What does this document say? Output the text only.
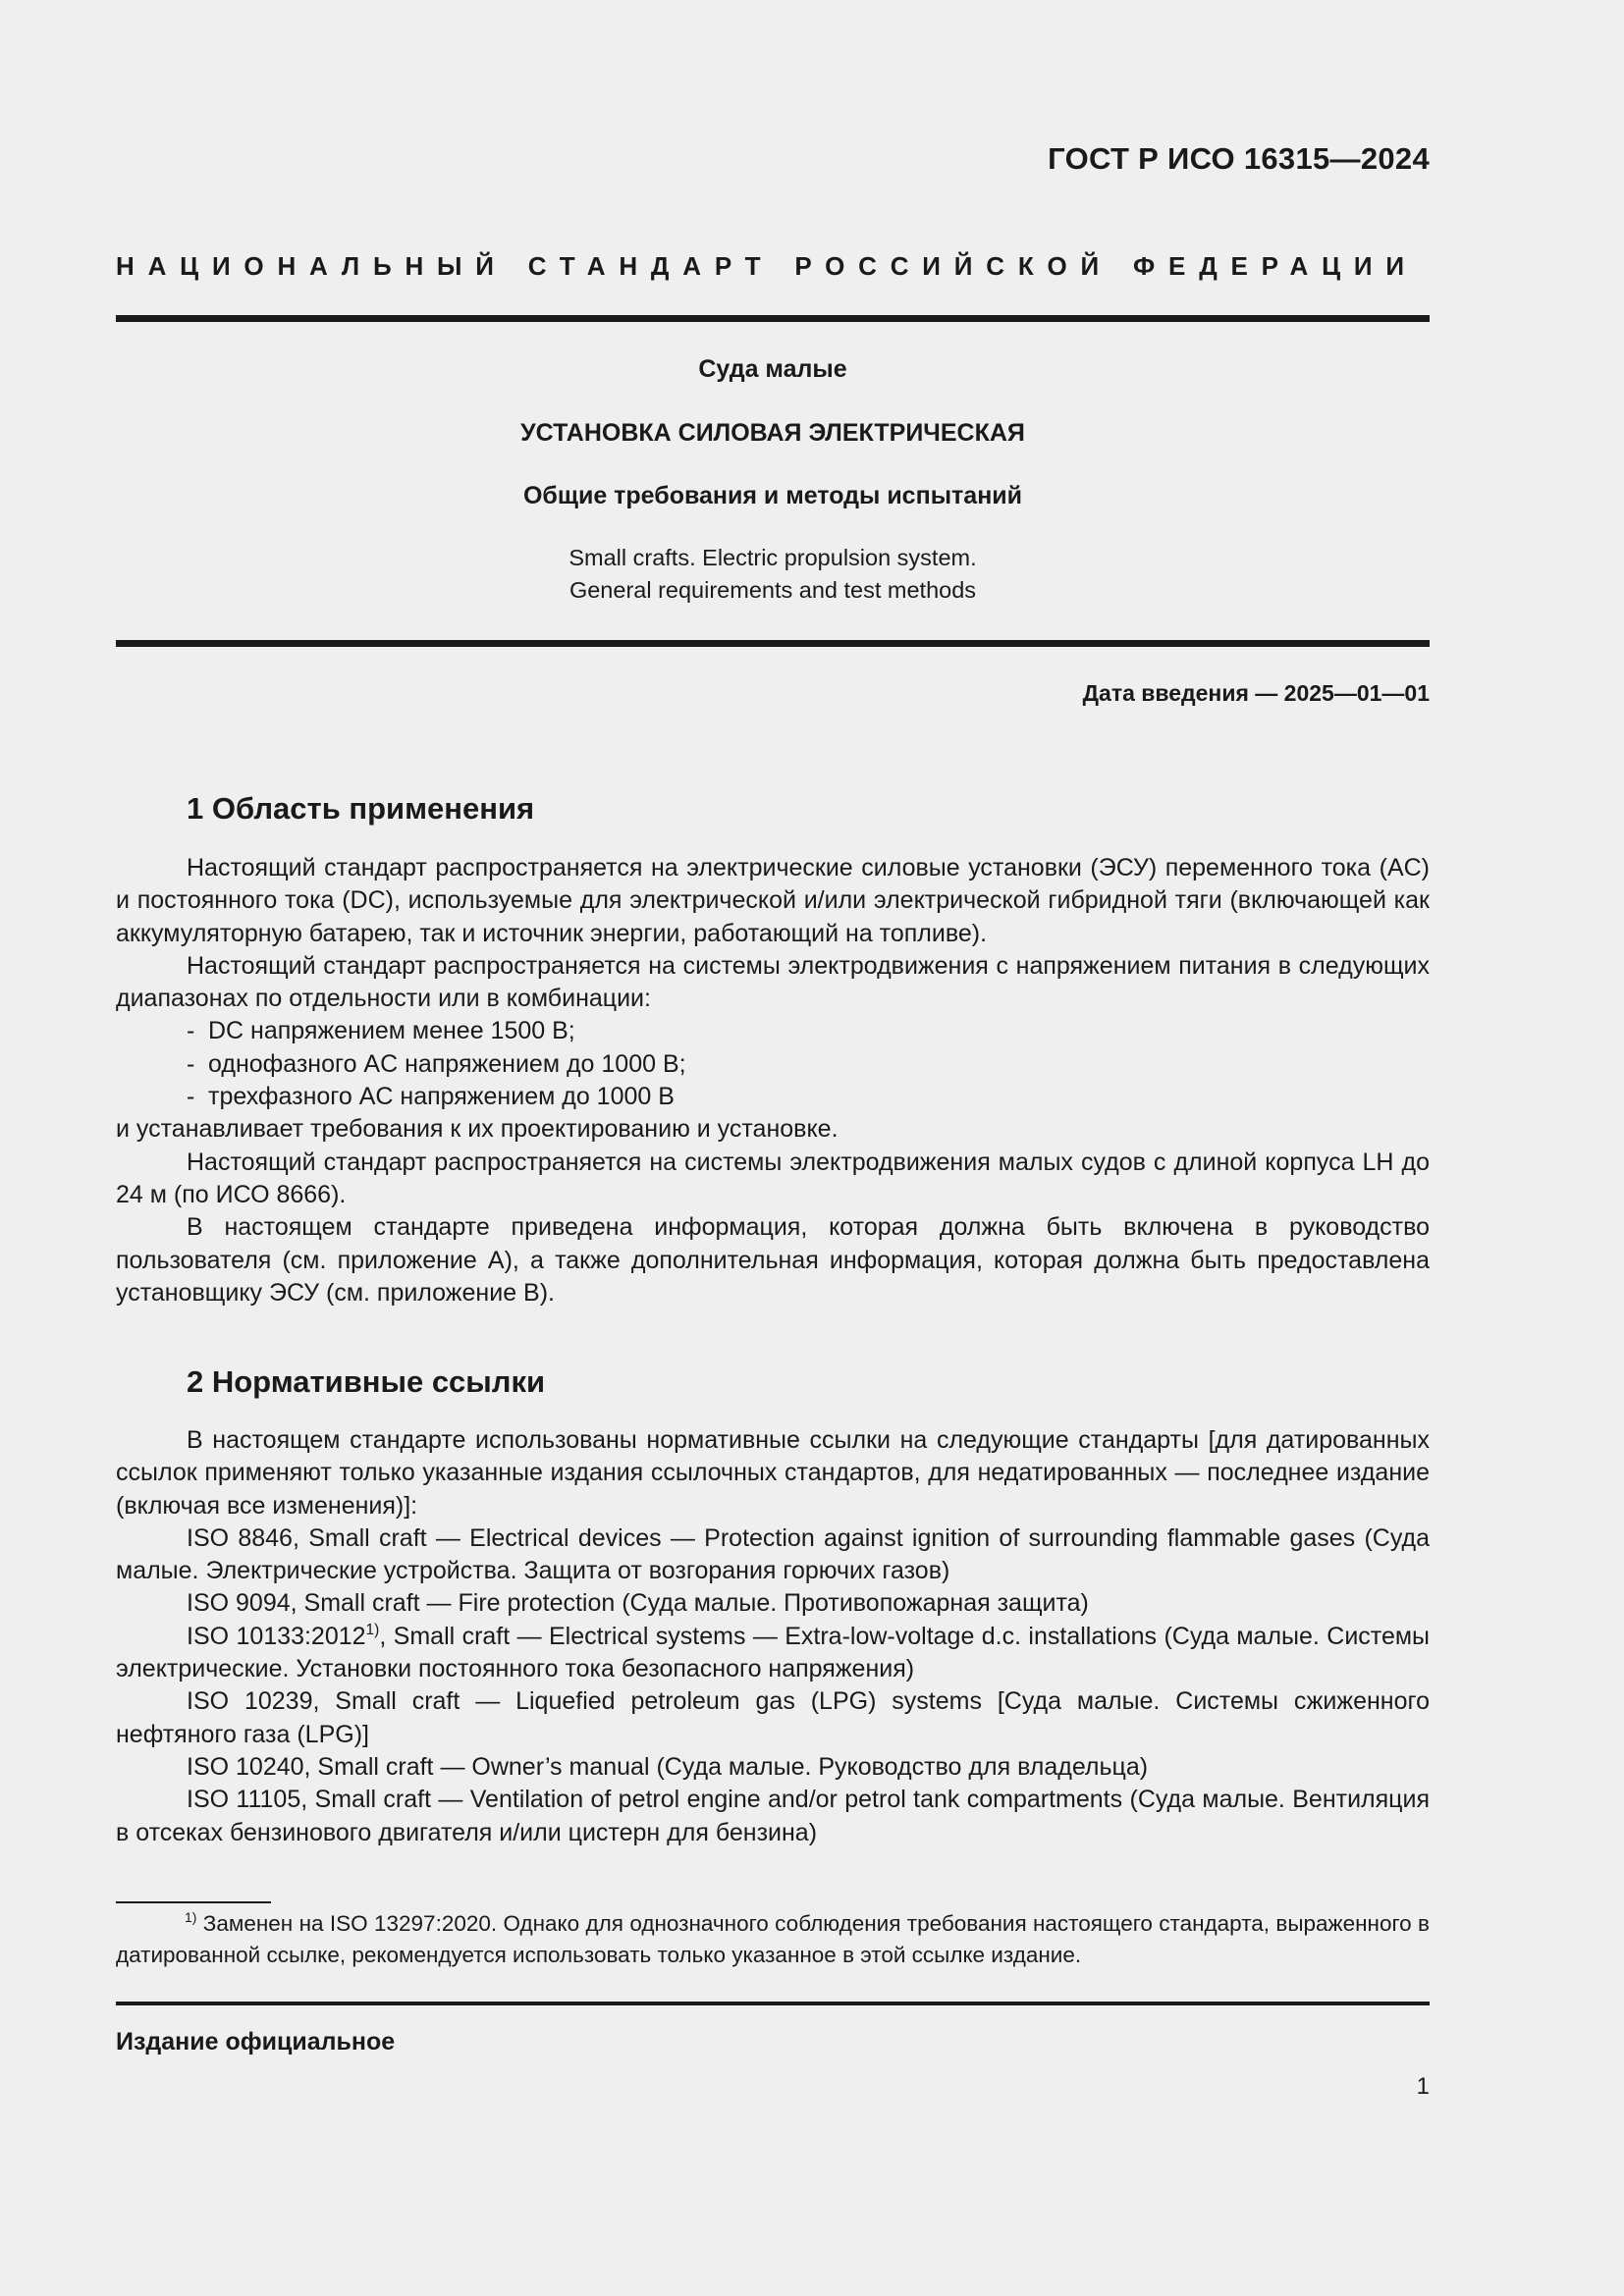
ГОСТ Р ИСО 16315—2024
НАЦИОНАЛЬНЫЙ СТАНДАРТ РОССИЙСКОЙ ФЕДЕРАЦИИ
Суда малые
УСТАНОВКА СИЛОВАЯ ЭЛЕКТРИЧЕСКАЯ
Общие требования и методы испытаний
Small crafts. Electric propulsion system.
General requirements and test methods
Дата введения — 2025—01—01
1 Область применения

Настоящий стандарт распространяется на электрические силовые установки (ЭСУ) переменного тока (AC) и постоянного тока (DC), используемые для электрической и/или электрической гибридной тяги (включающей как аккумуляторную батарею, так и источник энергии, работающий на топливе).

Настоящий стандарт распространяется на системы электродвижения с напряжением питания в следующих диапазонах по отдельности или в комбинации:

- DC напряжением менее 1500 В;

- однофазного AC напряжением до 1000 В;

- трехфазного AC напряжением до 1000 В

и устанавливает требования к их проектированию и установке.

Настоящий стандарт распространяется на системы электродвижения малых судов с длиной корпуса LH до 24 м (по ИСО 8666).

В настоящем стандарте приведена информация, которая должна быть включена в руководство пользователя (см. приложение А), а также дополнительная информация, которая должна быть предоставлена установщику ЭСУ (см. приложение В).

2 Нормативные ссылки

В настоящем стандарте использованы нормативные ссылки на следующие стандарты [для датированных ссылок применяют только указанные издания ссылочных стандартов, для недатированных — последнее издание (включая все изменения)]:

ISO 8846, Small craft — Electrical devices — Protection against ignition of surrounding flammable gases (Суда малые. Электрические устройства. Защита от возгорания горючих газов)

ISO 9094, Small craft — Fire protection (Суда малые. Противопожарная защита)

ISO 10133:2012$^{1)}$, Small craft — Electrical systems — Extra-low-voltage d.c. installations (Суда малые. Системы электрические. Установки постоянного тока безопасного напряжения)

ISO 10239, Small craft — Liquefied petroleum gas (LPG) systems [Суда малые. Системы сжиженного нефтяного газа (LPG)]

ISO 10240, Small craft — Owner’s manual (Суда малые. Руководство для владельца)

ISO 11105, Small craft — Ventilation of petrol engine and/or petrol tank compartments (Суда малые. Вентиляция в отсеках бензинового двигателя и/или цистерн для бензина)

$^{1)}$ Заменен на ISO 13297:2020. Однако для однозначного соблюдения требования настоящего стандарта, выраженного в датированной ссылке, рекомендуется использовать только указанное в этой ссылке издание.

Издание официальное
1
